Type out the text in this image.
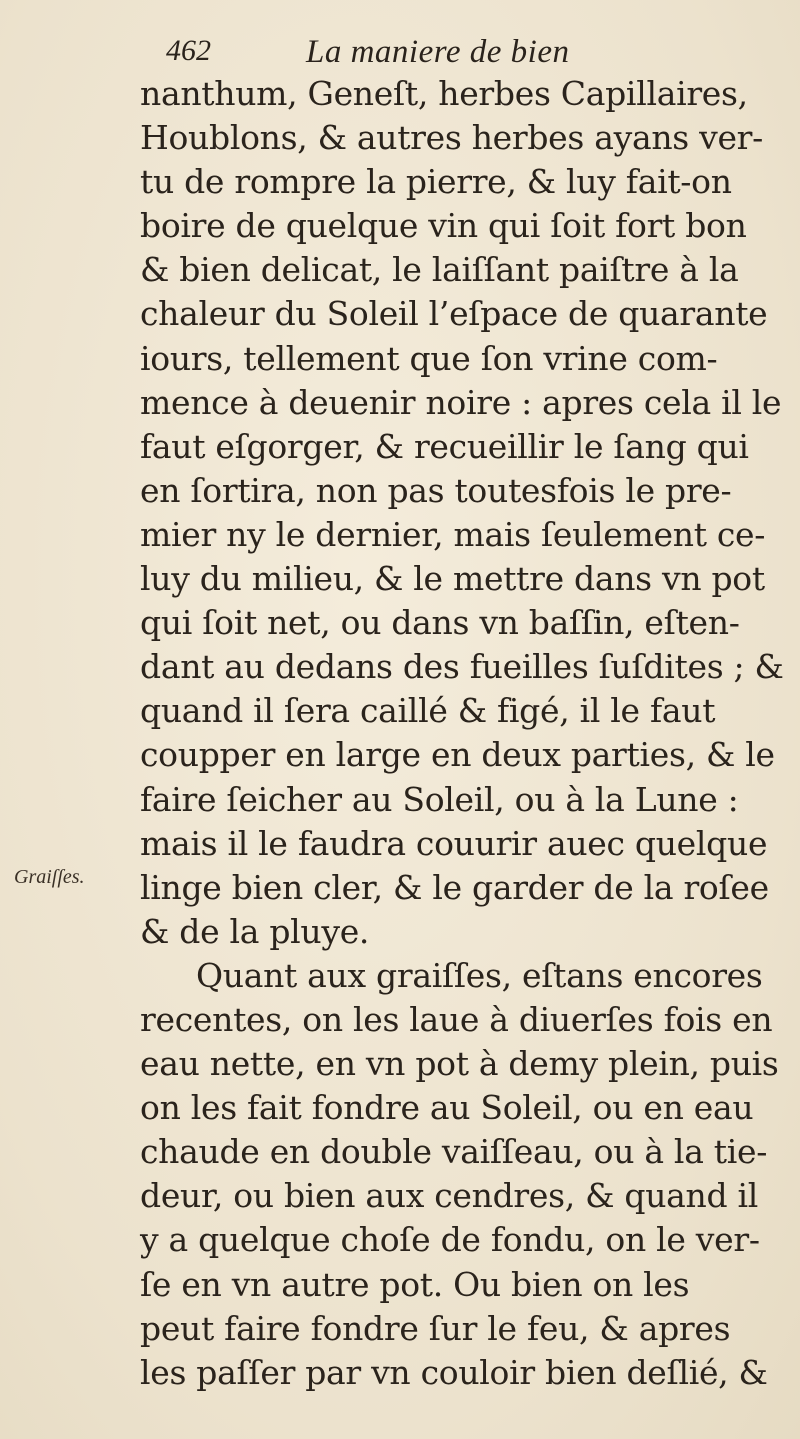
462	La maniere de bien
Graiſſes.
nanthum, Geneſt, herbes Capillaires,
Houblons, & autres herbes ayans ver-
tu de rompre la pierre, & luy fait-on
boire de quelque vin qui ſoit fort bon
& bien delicat, le laiſſant paiſtre à la
chaleur du Soleil l’eſpace de quarante
iours, tellement que ſon vrine com-
mence à deuenir noire : apres cela il le
faut eſgorger, & recueillir le ſang qui
en ſortira, non pas toutesfois le pre-
mier ny le dernier, mais ſeulement ce-
luy du milieu, & le mettre dans vn pot
qui ſoit net, ou dans vn baſſin, eſten-
dant au dedans des fueilles ſuſdites ; &
quand il ſera caillé & figé, il le faut
coupper en large en deux parties, & le
faire ſeicher au Soleil, ou à la Lune :
mais il le faudra couurir auec quelque
linge bien cler, & le garder de la roſee
& de la pluye.
Quant aux graiſſes, eſtans encores
recentes, on les laue à diuerſes fois en
eau nette, en vn pot à demy plein, puis
on les fait fondre au Soleil, ou en eau
chaude en double vaiſſeau, ou à la tie-
deur, ou bien aux cendres, & quand il
y a quelque choſe de fondu, on le ver-
ſe en vn autre pot. Ou bien on les
peut faire fondre ſur le feu, & apres
les paſſer par vn couloir bien deſlié, &
